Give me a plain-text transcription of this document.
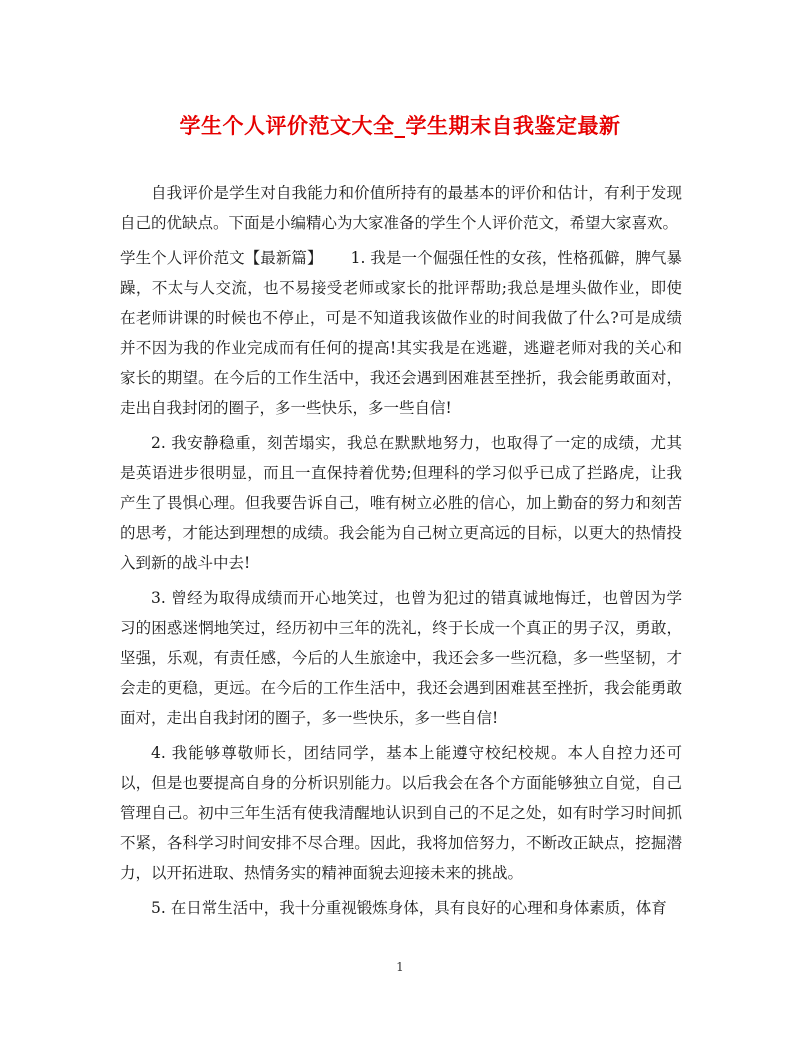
学生个人评价范文大全_学生期末自我鉴定最新

自我评价是学生对自我能力和价值所持有的最基本的评价和估计，有利于发现自己的优缺点。下面是小编精心为大家准备的学生个人评价范文，希望大家喜欢。

学生个人评价范文【最新篇】 1. 我是一个倔强任性的女孩，性格孤僻，脾气暴躁，不太与人交流，也不易接受老师或家长的批评帮助;我总是埋头做作业，即使在老师讲课的时候也不停止，可是不知道我该做作业的时间我做了什么?可是成绩并不因为我的作业完成而有任何的提高!其实我是在逃避，逃避老师对我的关心和家长的期望。在今后的工作生活中，我还会遇到困难甚至挫折，我会能勇敢面对，走出自我封闭的圈子，多一些快乐，多一些自信!

2. 我安静稳重，刻苦塌实，我总在默默地努力，也取得了一定的成绩，尤其是英语进步很明显，而且一直保持着优势;但理科的学习似乎已成了拦路虎，让我产生了畏惧心理。但我要告诉自己，唯有树立必胜的信心，加上勤奋的努力和刻苦的思考，才能达到理想的成绩。我会能为自己树立更高远的目标，以更大的热情投入到新的战斗中去!

3. 曾经为取得成绩而开心地笑过，也曾为犯过的错真诚地悔迁，也曾因为学习的困惑迷惘地笑过，经历初中三年的洗礼，终于长成一个真正的男子汉，勇敢，坚强，乐观，有责任感，今后的人生旅途中，我还会多一些沉稳，多一些坚韧，才会走的更稳，更远。在今后的工作生活中，我还会遇到困难甚至挫折，我会能勇敢面对，走出自我封闭的圈子，多一些快乐，多一些自信!

4. 我能够尊敬师长，团结同学，基本上能遵守校纪校规。本人自控力还可以，但是也要提高自身的分析识别能力。以后我会在各个方面能够独立自觉，自己管理自己。初中三年生活有使我清醒地认识到自己的不足之处，如有时学习时间抓不紧，各科学习时间安排不尽合理。因此，我将加倍努力，不断改正缺点，挖掘潜力，以开拓进取、热情务实的精神面貌去迎接未来的挑战。

5. 在日常生活中，我十分重视锻炼身体，具有良好的心理和身体素质，体育

1
